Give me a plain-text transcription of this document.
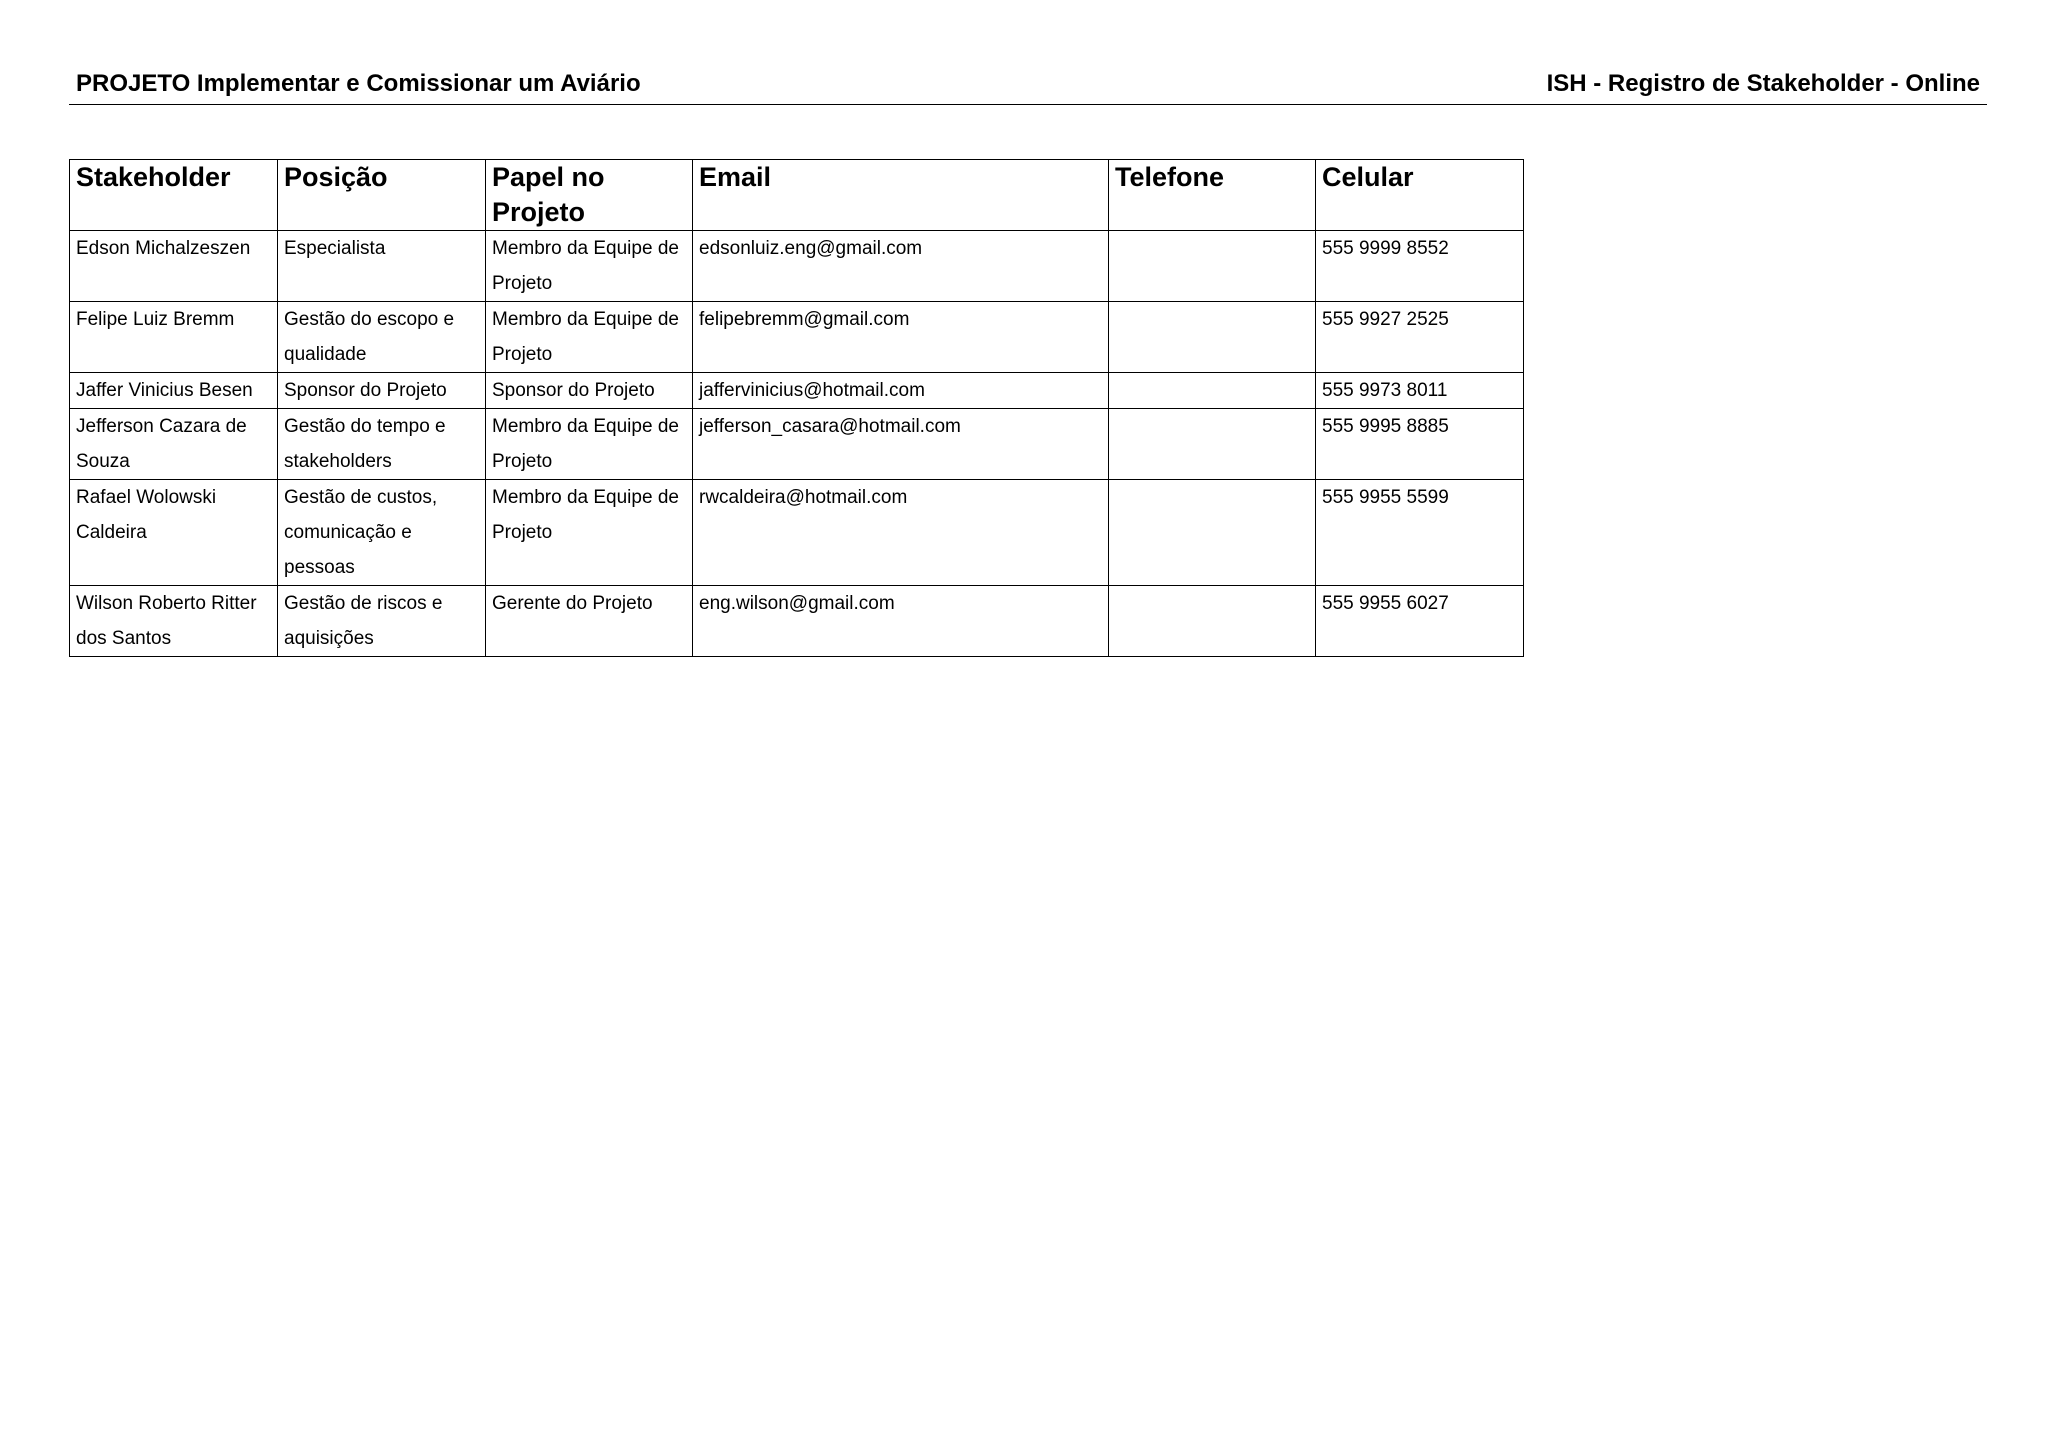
PROJETO Implementar e Comissionar um Aviário	ISH - Registro de Stakeholder - Online
Stakeholder	Posição	Papel no Projeto	Email	Telefone	Celular
Edson Michalzeszen	Especialista	Membro da Equipe de Projeto	edsonluiz.eng@gmail.com		555 9999 8552
Felipe Luiz Bremm	Gestão do escopo e qualidade	Membro da Equipe de Projeto	felipebremm@gmail.com		555 9927 2525
Jaffer Vinicius Besen	Sponsor do Projeto	Sponsor do Projeto	jaffervinicius@hotmail.com		555 9973 8011
Jefferson Cazara de Souza	Gestão do tempo e stakeholders	Membro da Equipe de Projeto	jefferson_casara@hotmail.com		555 9995 8885
Rafael Wolowski Caldeira	Gestão de custos, comunicação e pessoas	Membro da Equipe de Projeto	rwcaldeira@hotmail.com		555 9955 5599
Wilson Roberto Ritter dos Santos	Gestão de riscos e aquisições	Gerente do Projeto	eng.wilson@gmail.com		555 9955 6027
